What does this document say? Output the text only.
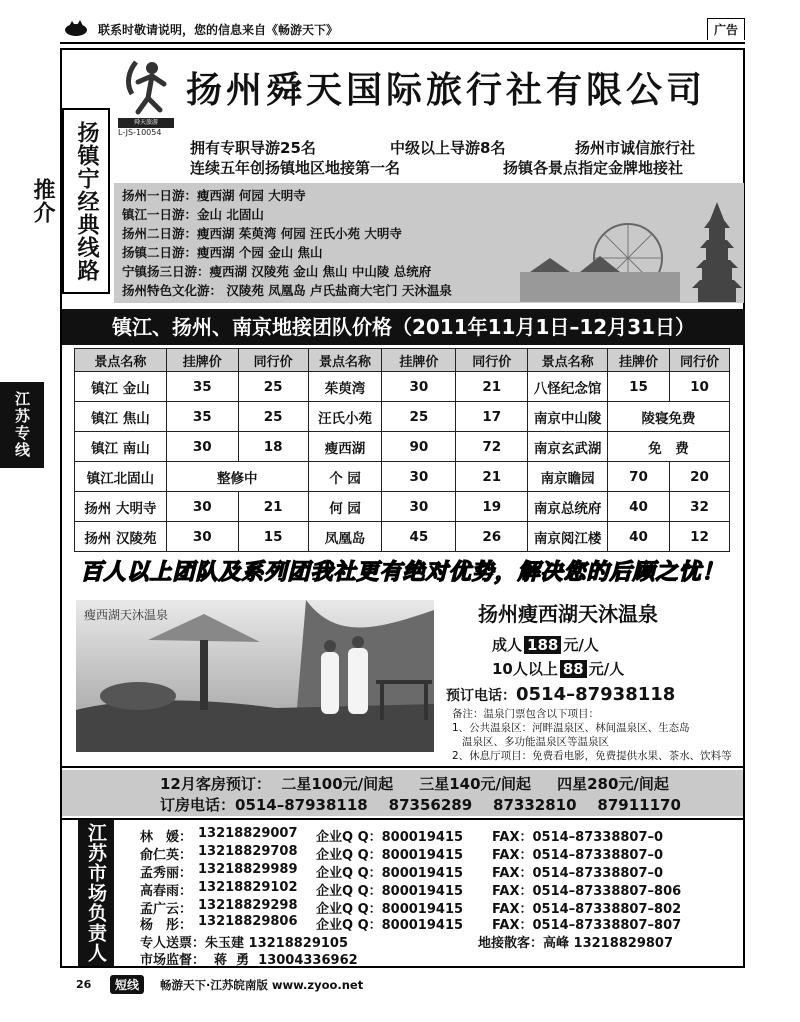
联系时敬请说明，您的信息来自《畅游天下》	广告
江苏专线
舜天旅游
L-JS-10054
扬州舜天国际旅行社有限公司
扬镇宁经典线路推介
拥有专职导游25名	中级以上导游8名	扬州市诚信旅行社
连续五年创扬镇地区地接第一名	扬镇各景点指定金牌地接社
扬州一日游：瘦西湖 何园 大明寺
镇江一日游：金山 北固山
扬州二日游：瘦西湖 茱萸湾 何园 汪氏小苑 大明寺
扬镇二日游：瘦西湖 个园 金山 焦山
宁镇扬三日游：瘦西湖 汉陵苑 金山 焦山 中山陵 总统府
扬州特色文化游： 汉陵苑 凤凰岛 卢氏盐商大宅门 天沐温泉
镇江、扬州、南京地接团队价格（2011年11月1日–12月31日）
景点名称	挂牌价	同行价	景点名称	挂牌价	同行价	景点名称	挂牌价	同行价
镇江 金山	35	25	茱萸湾	30	21	八怪纪念馆	15	10
镇江 焦山	35	25	汪氏小苑	25	17	南京中山陵	陵寝免费	
镇江 南山	30	18	瘦西湖	90	72	南京玄武湖	免　费	
镇江北固山	整修中		个 园	30	21	南京瞻园	70	20
扬州 大明寺	30	21	何 园	30	19	南京总统府	40	32
扬州 汉陵苑	30	15	凤凰岛	45	26	南京阅江楼	40	12
百人以上团队及系列团我社更有绝对优势，解决您的后顾之忧！
瘦西湖天沐温泉	扬州瘦西湖天沐温泉
成人 188 元/人
10人以上 88 元/人
预订电话：0514–87938118
备注：温泉门票包含以下项目：
1、公共温泉区：河畔温泉区、林间温泉区、生态岛
温泉区、多功能温泉区等温泉区
2、休息厅项目：免费看电影，免费提供水果、茶水、饮料等
12月客房预订：  二星100元/间起     三星140元/间起     四星280元/间起
订房电话：0514–87938118    87356289    87332810    87911170
江苏市场负责人	林　媛： 13218829007 企业Q Q：800019415 FAX：0514–87338807–0
俞仁英： 13218829708 企业Q Q：800019415 FAX：0514–87338807–0
孟秀丽： 13218829989 企业Q Q：800019415 FAX：0514–87338807–0
高春雨： 13218829102 企业Q Q：800019415 FAX：0514–87338807–806
孟广云： 13218829298 企业Q Q：800019415 FAX：0514–87338807–802
杨　彤： 13218829806 企业Q Q：800019415 FAX：0514–87338807–807
专人送票：朱玉建 13218829105	地接散客：高峰 13218829807
市场监督：  蒋  勇  13004336962
26	短线	畅游天下·江苏皖南版 www.zyoo.net
